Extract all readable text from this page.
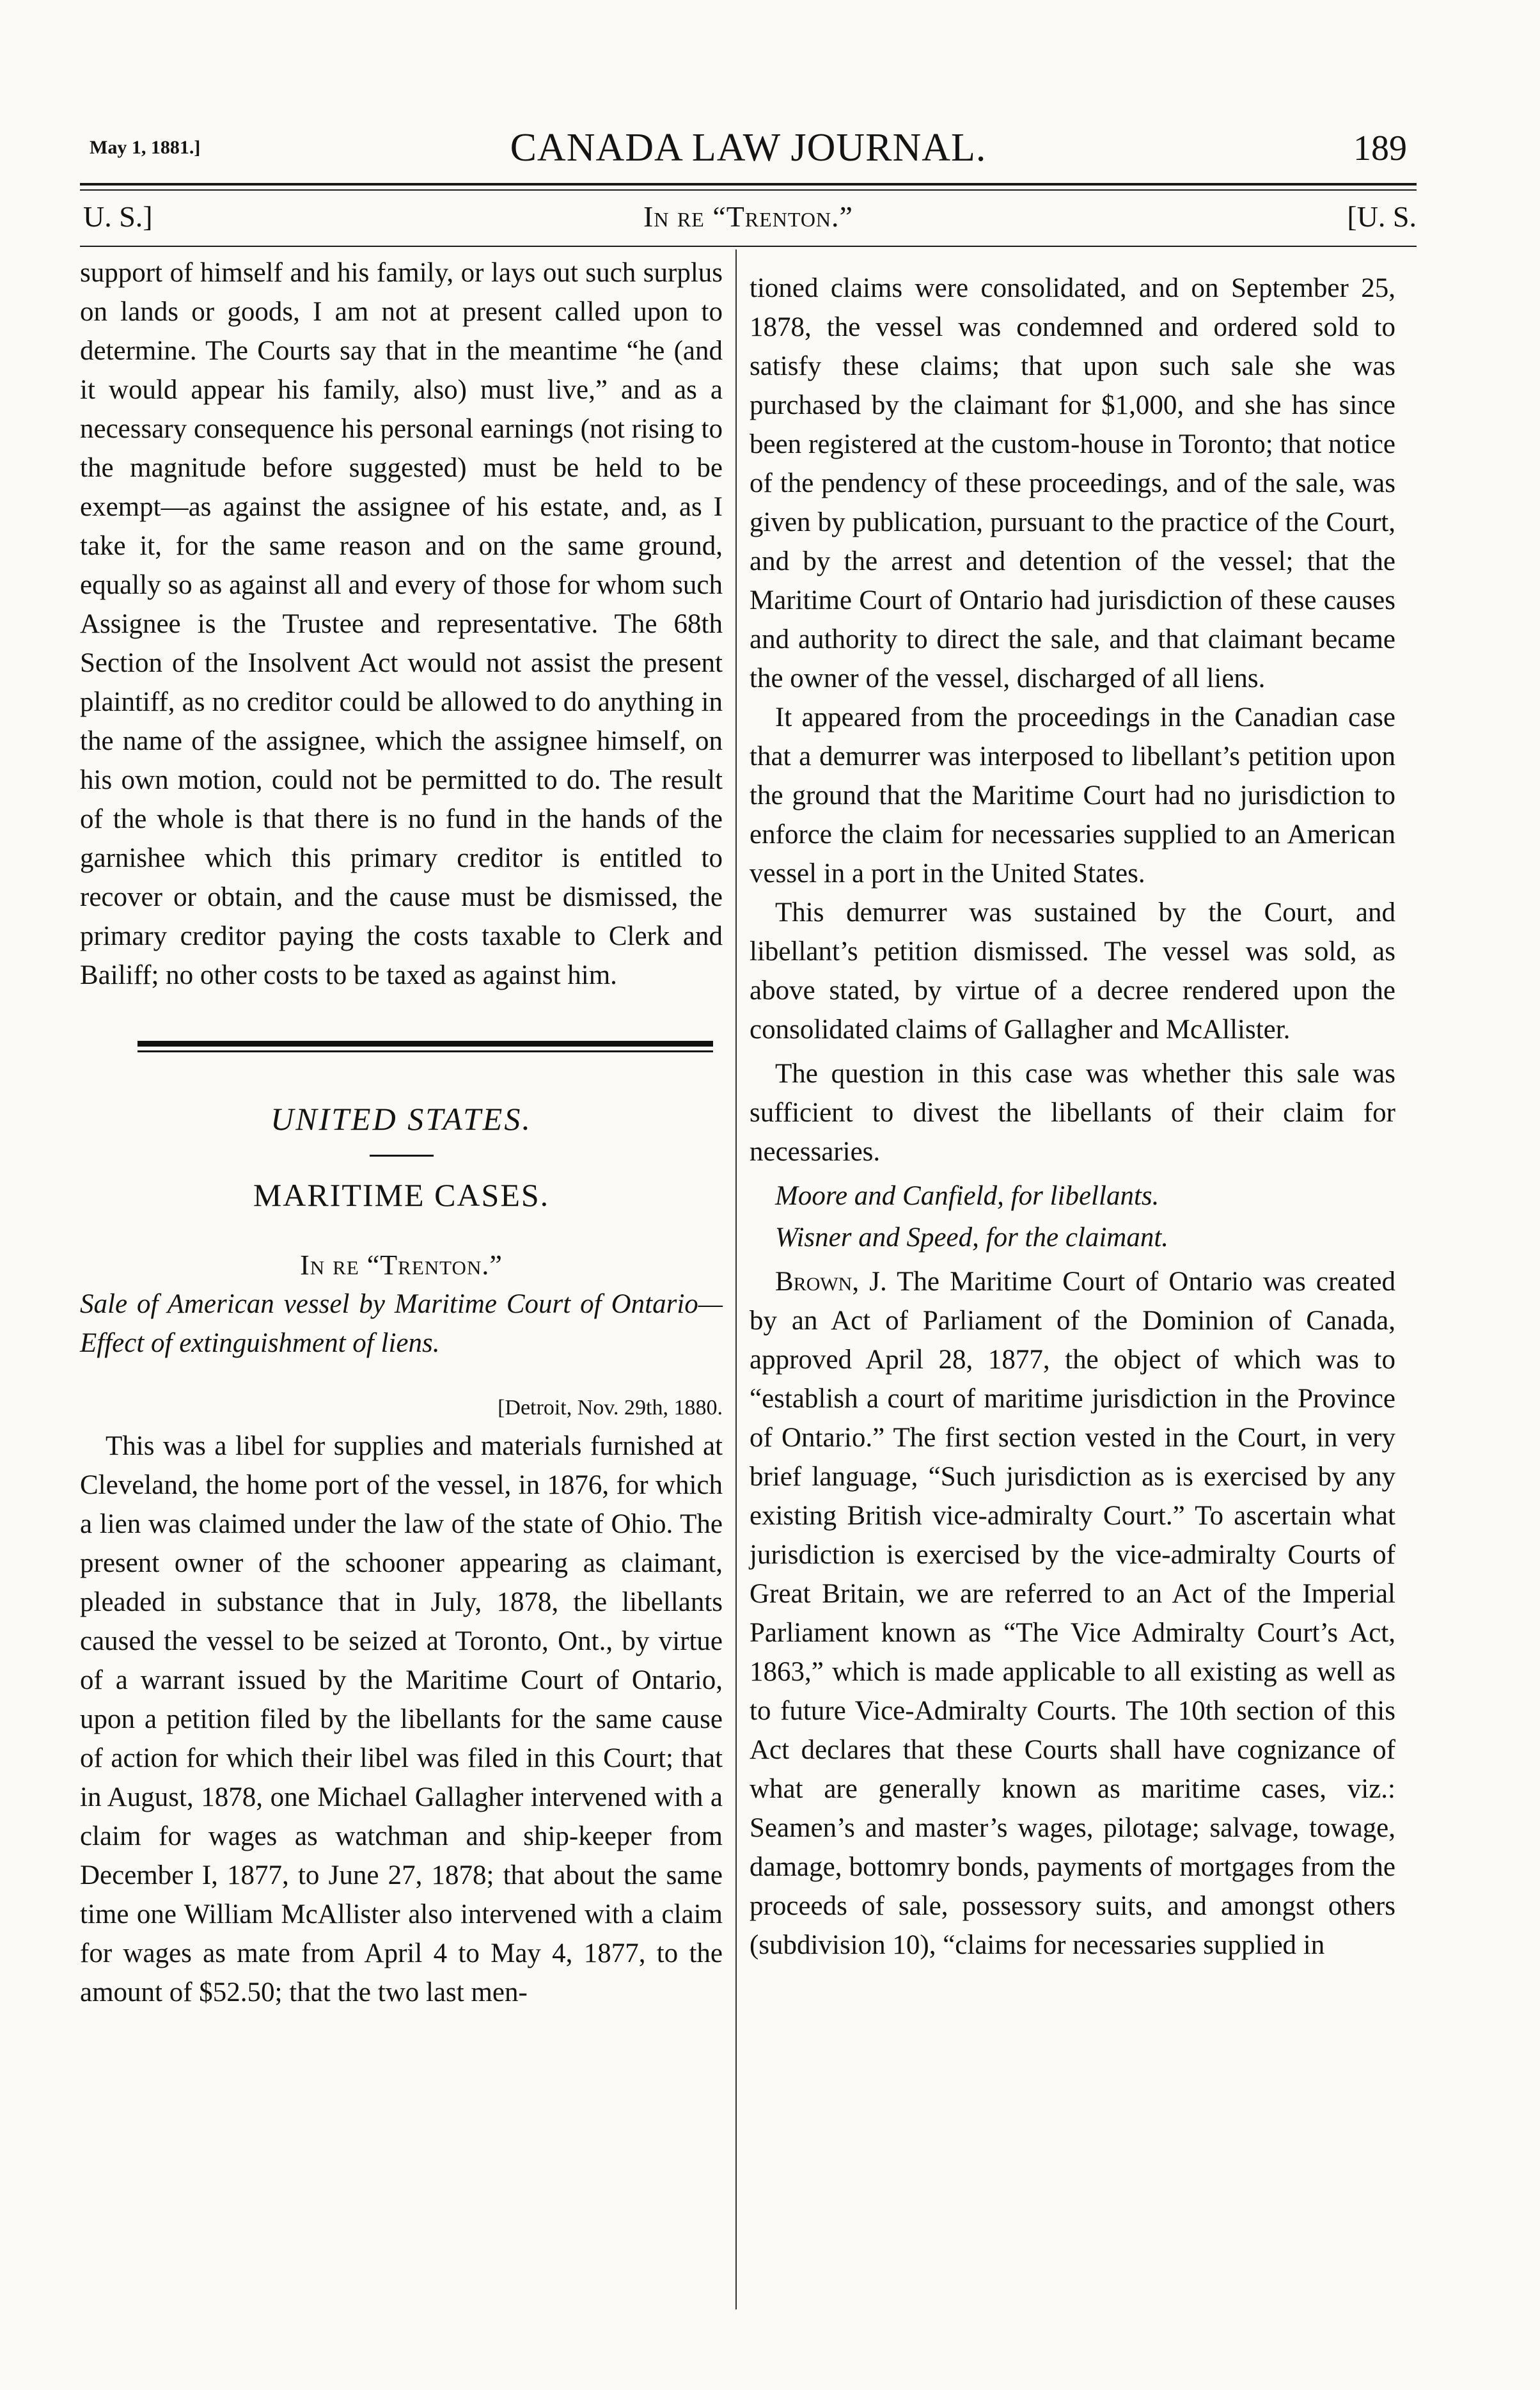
May 1, 1881.]	CANADA LAW JOURNAL.	189
U. S.]	In re “Trenton.”	[U. S.

support of himself and his family, or lays out such surplus on lands or goods, I am not at present called upon to determine. The Courts say that in the meantime “he (and it would appear his family, also) must live,” and as a necessary consequence his personal earnings (not rising to the magnitude before suggested) must be held to be exempt—as against the assignee of his estate, and, as I take it, for the same reason and on the same ground, equally so as against all and every of those for whom such Assignee is the Trustee and representative. The 68th Section of the Insolvent Act would not assist the present plaintiff, as no creditor could be allowed to do anything in the name of the assignee, which the assignee himself, on his own motion, could not be permitted to do. The result of the whole is that there is no fund in the hands of the garnishee which this primary creditor is entitled to recover or obtain, and the cause must be dismissed, the primary creditor paying the costs taxable to Clerk and Bailiff; no other costs to be taxed as against him.

UNITED STATES.
MARITIME CASES.
In re “Trenton.”

Sale of American vessel by Maritime Court of Ontario—Effect of extinguishment of liens.

[Detroit, Nov. 29th, 1880.

This was a libel for supplies and materials furnished at Cleveland, the home port of the vessel, in 1876, for which a lien was claimed under the law of the state of Ohio. The present owner of the schooner appearing as claimant, pleaded in substance that in July, 1878, the libellants caused the vessel to be seized at Toronto, Ont., by virtue of a warrant issued by the Maritime Court of Ontario, upon a petition filed by the libellants for the same cause of action for which their libel was filed in this Court; that in August, 1878, one Michael Gallagher intervened with a claim for wages as watchman and ship-keeper from December I, 1877, to June 27, 1878; that about the same time one William McAllister also intervened with a claim for wages as mate from April 4 to May 4, 1877, to the amount of $52.50; that the two last men-

tioned claims were consolidated, and on September 25, 1878, the vessel was condemned and ordered sold to satisfy these claims; that upon such sale she was purchased by the claimant for $1,000, and she has since been registered at the custom-house in Toronto; that notice of the pendency of these proceedings, and of the sale, was given by publication, pursuant to the practice of the Court, and by the arrest and detention of the vessel; that the Maritime Court of Ontario had jurisdiction of these causes and authority to direct the sale, and that claimant became the owner of the vessel, discharged of all liens.

It appeared from the proceedings in the Canadian case that a demurrer was interposed to libellant’s petition upon the ground that the Maritime Court had no jurisdiction to enforce the claim for necessaries supplied to an American vessel in a port in the United States.

This demurrer was sustained by the Court, and libellant’s petition dismissed. The vessel was sold, as above stated, by virtue of a decree rendered upon the consolidated claims of Gallagher and McAllister.

The question in this case was whether this sale was sufficient to divest the libellants of their claim for necessaries.

Moore and Canfield, for libellants.

Wisner and Speed, for the claimant.

Brown, J. The Maritime Court of Ontario was created by an Act of Parliament of the Dominion of Canada, approved April 28, 1877, the object of which was to “establish a court of maritime jurisdiction in the Province of Ontario.” The first section vested in the Court, in very brief language, “Such jurisdiction as is exercised by any existing British vice-admiralty Court.” To ascertain what jurisdiction is exercised by the vice-admiralty Courts of Great Britain, we are referred to an Act of the Imperial Parliament known as “The Vice Admiralty Court’s Act, 1863,” which is made applicable to all existing as well as to future Vice-Admiralty Courts. The 10th section of this Act declares that these Courts shall have cognizance of what are generally known as maritime cases, viz.: Seamen’s and master’s wages, pilotage; salvage, towage, damage, bottomry bonds, payments of mortgages from the proceeds of sale, possessory suits, and amongst others (subdivision 10), “claims for necessaries supplied in
